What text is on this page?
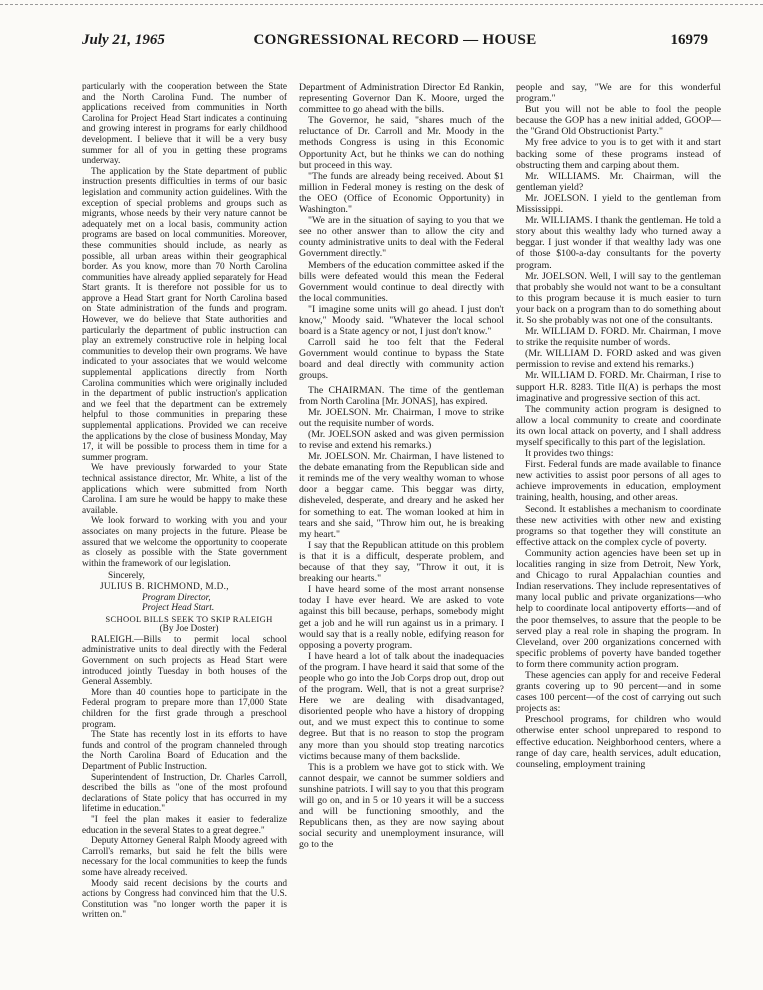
July 21, 1965	CONGRESSIONAL RECORD — HOUSE	16979

particularly with the cooperation between the State and the North Carolina Fund. The number of applications received from communities in North Carolina for Project Head Start indicates a continuing and growing interest in programs for early childhood development. I believe that it will be a very busy summer for all of you in getting these programs underway.

The application by the State department of public instruction presents difficulties in terms of our basic legislation and community action guidelines. With the exception of special problems and groups such as migrants, whose needs by their very nature cannot be adequately met on a local basis, community action programs are based on local communities. Moreover, these communities should include, as nearly as possible, all urban areas within their geographical border. As you know, more than 70 North Carolina communities have already applied separately for Head Start grants. It is therefore not possible for us to approve a Head Start grant for North Carolina based on State administration of the funds and program. However, we do believe that State authorities and particularly the department of public instruction can play an extremely constructive role in helping local communities to develop their own programs. We have indicated to your associates that we would welcome supplemental applications directly from North Carolina communities which were originally included in the department of public instruction's application and we feel that the department can be extremely helpful to those communities in preparing these supplemental applications. Provided we can receive the applications by the close of business Monday, May 17, it will be possible to process them in time for a summer program.

We have previously forwarded to your State technical assistance director, Mr. White, a list of the applications which were submitted from North Carolina. I am sure he would be happy to make these available.

We look forward to working with you and your associates on many projects in the future. Please be assured that we welcome the opportunity to cooperate as closely as possible with the State government within the framework of our legislation.

Sincerely,
JULIUS B. RICHMOND, M.D.,
Program Director,
Project Head Start.

SCHOOL BILLS SEEK TO SKIP RALEIGH

(By Joe Doster)

RALEIGH.—Bills to permit local school administrative units to deal directly with the Federal Government on such projects as Head Start were introduced jointly Tuesday in both houses of the General Assembly.

More than 40 counties hope to participate in the Federal program to prepare more than 17,000 State children for the first grade through a preschool program.

The State has recently lost in its efforts to have funds and control of the program channeled through the North Carolina Board of Education and the Department of Public Instruction.

Superintendent of Instruction, Dr. Charles Carroll, described the bills as "one of the most profound declarations of State policy that has occurred in my lifetime in education."

"I feel the plan makes it easier to federalize education in the several States to a great degree."

Deputy Attorney General Ralph Moody agreed with Carroll's remarks, but said he felt the bills were necessary for the local communities to keep the funds some have already received.

Moody said recent decisions by the courts and actions by Congress had convinced him that the U.S. Constitution was "no longer worth the paper it is written on."

Department of Administration Director Ed Rankin, representing Governor Dan K. Moore, urged the committee to go ahead with the bills.

The Governor, he said, "shares much of the reluctance of Dr. Carroll and Mr. Moody in the methods Congress is using in this Economic Opportunity Act, but he thinks we can do nothing but proceed in this way.

"The funds are already being received. About $1 million in Federal money is resting on the desk of the OEO (Office of Economic Opportunity) in Washington."

"We are in the situation of saying to you that we see no other answer than to allow the city and county administrative units to deal with the Federal Government directly."

Members of the education committee asked if the bills were defeated would this mean the Federal Government would continue to deal directly with the local communities.

"I imagine some units will go ahead. I just don't know," Moody said. "Whatever the local school board is a State agency or not, I just don't know."

Carroll said he too felt that the Federal Government would continue to bypass the State board and deal directly with community action groups.

The CHAIRMAN. The time of the gentleman from North Carolina [Mr. JONAS], has expired.

Mr. JOELSON. Mr. Chairman, I move to strike out the requisite number of words.

(Mr. JOELSON asked and was given permission to revise and extend his remarks.)

Mr. JOELSON. Mr. Chairman, I have listened to the debate emanating from the Republican side and it reminds me of the very wealthy woman to whose door a beggar came. This beggar was dirty, disheveled, desperate, and dreary and he asked her for something to eat. The woman looked at him in tears and she said, "Throw him out, he is breaking my heart."

I say that the Republican attitude on this problem is that it is a difficult, desperate problem, and because of that they say, "Throw it out, it is breaking our hearts."

I have heard some of the most arrant nonsense today I have ever heard. We are asked to vote against this bill because, perhaps, somebody might get a job and he will run against us in a primary. I would say that is a really noble, edifying reason for opposing a poverty program.

I have heard a lot of talk about the inadequacies of the program. I have heard it said that some of the people who go into the Job Corps drop out, drop out of the program. Well, that is not a great surprise? Here we are dealing with disadvantaged, disoriented people who have a history of dropping out, and we must expect this to continue to some degree. But that is no reason to stop the program any more than you should stop treating narcotics victims because many of them backslide.

This is a problem we have got to stick with. We cannot despair, we cannot be summer soldiers and sunshine patriots. I will say to you that this program will go on, and in 5 or 10 years it will be a success and will be functioning smoothly, and the Republicans then, as they are now saying about social security and unemployment insurance, will go to the

people and say, "We are for this wonderful program."

But you will not be able to fool the people because the GOP has a new initial added, GOOP—the "Grand Old Obstructionist Party."

My free advice to you is to get with it and start backing some of these programs instead of obstructing them and carping about them.

Mr. WILLIAMS. Mr. Chairman, will the gentleman yield?

Mr. JOELSON. I yield to the gentleman from Mississippi.

Mr. WILLIAMS. I thank the gentleman. He told a story about this wealthy lady who turned away a beggar. I just wonder if that wealthy lady was one of those $100-a-day consultants for the poverty program.

Mr. JOELSON. Well, I will say to the gentleman that probably she would not want to be a consultant to this program because it is much easier to turn your back on a program than to do something about it. So she probably was not one of the consultants.

Mr. WILLIAM D. FORD. Mr. Chairman, I move to strike the requisite number of words.

(Mr. WILLIAM D. FORD asked and was given permission to revise and extend his remarks.)

Mr. WILLIAM D. FORD. Mr. Chairman, I rise to support H.R. 8283. Title II(A) is perhaps the most imaginative and progressive section of this act.

The community action program is designed to allow a local community to create and coordinate its own local attack on poverty, and I shall address myself specifically to this part of the legislation.

It provides two things:

First. Federal funds are made available to finance new activities to assist poor persons of all ages to achieve improvements in education, employment training, health, housing, and other areas.

Second. It establishes a mechanism to coordinate these new activities with other new and existing programs so that together they will constitute an effective attack on the complex cycle of poverty.

Community action agencies have been set up in localities ranging in size from Detroit, New York, and Chicago to rural Appalachian counties and Indian reservations. They include representatives of many local public and private organizations—who help to coordinate local antipoverty efforts—and of the poor themselves, to assure that the people to be served play a real role in shaping the program. In Cleveland, over 200 organizations concerned with specific problems of poverty have banded together to form there community action program.

These agencies can apply for and receive Federal grants covering up to 90 percent—and in some cases 100 percent—of the cost of carrying out such projects as:

Preschool programs, for children who would otherwise enter school unprepared to respond to effective education. Neighborhood centers, where a range of day care, health services, adult education, counseling, employment training
